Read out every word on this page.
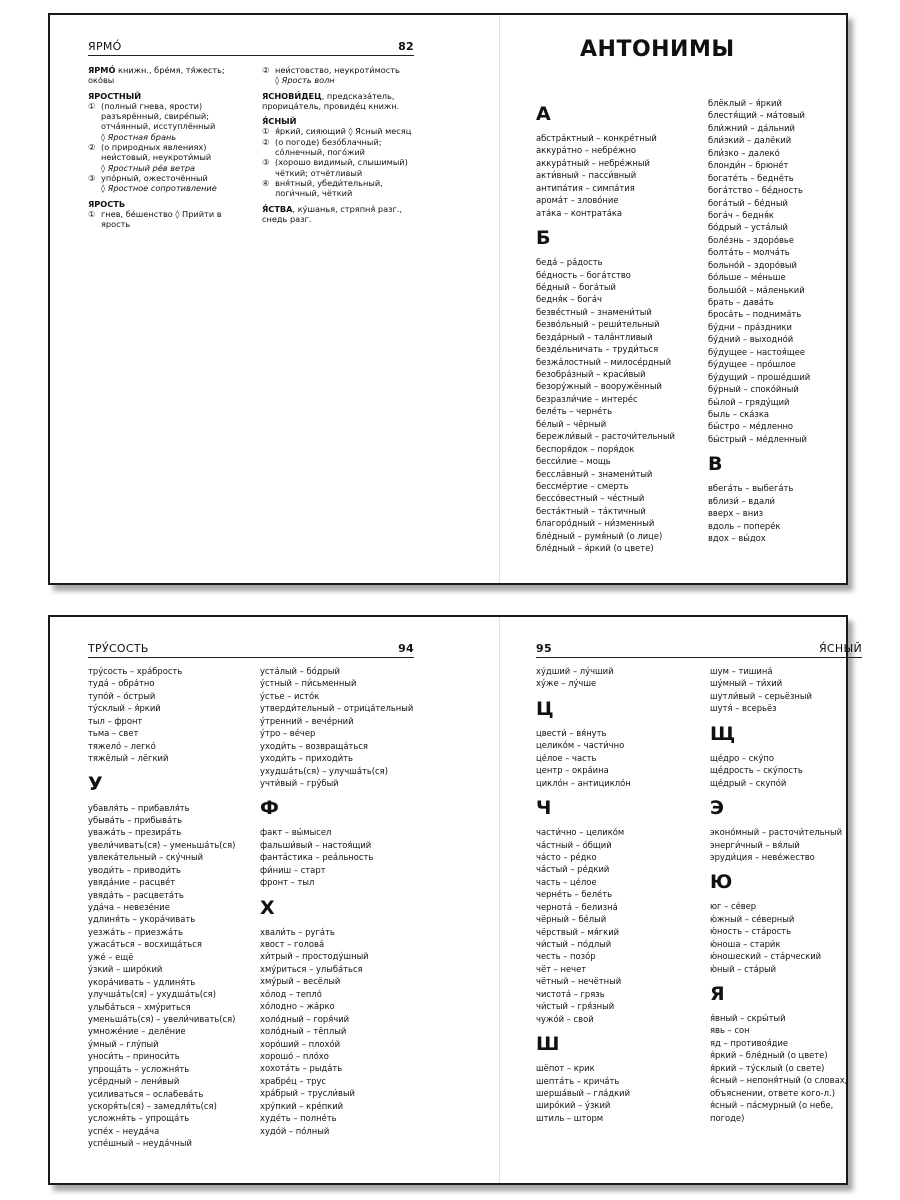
ЯРМО́	82
ЯРМО́ книжн., бре́мя, тя́жесть; око́вы
ЯРОСТНЫЙ
① (полный гнева, ярости) разъярённый, свире́пый; отча́янный, исступлённый
◊ Яростная брань
② (о природных явлениях) неи́стовый, неукроти́мый
◊ Яростный рёв ветра
③ упо́рный, ожесточённый
◊ Яростное сопротивление
ЯРОСТЬ
① гнев, бе́шенство ◊ Прийти в ярость
② неи́стовство, неукроти́мость
◊ Ярость волн
ЯСНОВИ́ДЕЦ, предсказа́тель, прорица́тель, провиде́ц книжн.
Я́СНЫЙ
① я́ркий, сияющий ◊ Ясный месяц
② (о погоде) безо́блачный; со́лнечный, пого́жий
③ (хорошо видимый, слышимый) чёткий; отчётливый
④ вня́тный, убеди́тельный, логи́чный, чёткий
Я́СТВА, ку́шанья, стряпня́ разг., снедь разг.
АНТОНИМЫ
А
абстра́ктный – конкре́тный
аккура́тно – небре́жно
аккура́тный – небре́жный
акти́вный – пасси́вный
антипа́тия – симпа́тия
арома́т – злово́ние
ата́ка – контрата́ка
Б
беда́ – ра́дость
бе́дность – бога́тство
бе́дный – бога́тый
бедня́к – бога́ч
безве́стный – знамени́тый
безво́льный – реши́тельный
безда́рный – тала́нтливый
безде́льничать – труди́ться
безжа́лостный – милосе́рдный
безобра́зный – краси́вый
безору́жный – вооружённый
безразли́чие – интере́с
беле́ть – черне́ть
бе́лый – чёрный
бережли́вый – расточи́тельный
беспоря́док – поря́док
бесси́лие – мощь
бессла́вный – знамени́тый
бессме́ртие – смерть
бессо́вестный – че́стный
беста́ктный – та́ктичный
благоро́дный – ни́зменный
бле́дный – румя́ный (о лице)
бле́дный – я́ркий (о цвете)
блёклый – я́ркий
блестя́щий – ма́товый
бли́жний – да́льний
бли́зкий – далёкий
бли́зко – далеко́
блонди́н – брюне́т
богате́ть – бедне́ть
бога́тство – бе́дность
бога́тый – бе́дный
бога́ч – бедня́к
бо́дрый – уста́лый
боле́знь – здоро́вье
болта́ть – молча́ть
больно́й – здоро́вый
бо́льше – ме́ньше
большо́й – ма́ленький
брать – дава́ть
броса́ть – поднима́ть
бу́дни – пра́здники
бу́дний – выходно́й
бу́дущее – настоя́щее
бу́дущее – про́шлое
бу́дущий – проше́дший
бу́рный – споко́йный
бы́лой – гряду́щий
быль – ска́зка
бы́стро – ме́дленно
бы́стрый – ме́дленный
В
вбега́ть – выбега́ть
вблизи́ – вдали́
вверх – вниз
вдоль – попере́к
вдох – вы́дох
ТРУ́СОСТЬ	94
тру́сость – хра́брость
туда́ – обра́тно
тупо́й – о́стрый
ту́склый – я́ркий
тыл – фронт
тьма – свет
тяжело́ – легко́
тяжёлый – лёгкий
У
убавля́ть – прибавля́ть
убыва́ть – прибыва́ть
уважа́ть – презира́ть
увели́чивать(ся) – уменьша́ть(ся)
увлека́тельный – ску́чный
уводи́ть – приводи́ть
увяда́ние – расцве́т
увяда́ть – расцвета́ть
уда́ча – невезе́ние
удлиня́ть – укора́чивать
уезжа́ть – приезжа́ть
ужаса́ться – восхища́ться
уже́ – ещё
у́зкий – широ́кий
укора́чивать – удлиня́ть
улучша́ть(ся) – ухудша́ть(ся)
улыба́ться – хму́риться
уменьша́ть(ся) – увели́чивать(ся)
умноже́ние – деле́ние
у́мный – глу́пый
уноси́ть – приноси́ть
упроща́ть – усложня́ть
усе́рдный – лени́вый
усиливаться – ослабева́ть
ускоря́ть(ся) – замедля́ть(ся)
усложня́ть – упроща́ть
успе́х – неуда́ча
успе́шный – неуда́чный
уста́лый – бо́дрый
у́стный – пи́сьменный
у́стье – исто́к
утверди́тельный – отрица́тельный
у́тренний – вече́рний
у́тро – ве́чер
уходи́ть – возвраща́ться
уходи́ть – приходи́ть
ухудша́ть(ся) – улучша́ть(ся)
учти́вый – гру́бый
Ф
факт – вы́мысел
фальши́вый – настоя́щий
фанта́стика – реа́льность
фи́ниш – старт
фронт – тыл
Х
хвали́ть – руга́ть
хвост – голова́
хи́трый – простоду́шный
хму́риться – улыба́ться
хму́рый – весёлый
хо́лод – тепло́
хо́лодно – жа́рко
холо́дный – горя́чий
холо́дный – тёплый
хоро́ший – плохо́й
хорошо́ – пло́хо
хохота́ть – рыда́ть
храбре́ц – трус
хра́брый – трусли́вый
хру́пкий – кре́пкий
худе́ть – полне́ть
худо́й – по́лный
95	Я́СНЫЙ
ху́дший – лу́чший
ху́же – лу́чше
Ц
цвести́ – вя́нуть
целико́м – части́чно
це́лое – часть
центр – окра́ина
цикло́н – антицикло́н
Ч
части́чно – целико́м
ча́стный – о́бщий
ча́сто – ре́дко
ча́стый – ре́дкий
часть – це́лое
черне́ть – беле́ть
чернота́ – белизна́
чёрный – бе́лый
чёрствый – мя́гкий
чи́стый – по́длый
честь – позо́р
чёт – нечет
чётный – нечётный
чистота́ – грязь
чи́стый – гря́зный
чужо́й – свой
Ш
шёпот – крик
шепта́ть – крича́ть
шерша́вый – гла́дкий
широ́кий – у́зкий
штиль – шторм
шум – тишина́
шу́мный – ти́хий
шутли́вый – серьёзный
шутя́ – всерьёз
Щ
ще́дро – ску́по
ще́дрость – ску́пость
ще́дрый – скупо́й
Э
эконо́мный – расточи́тельный
энерги́чный – вя́лый
эруди́ция – неве́жество
Ю
юг – се́вер
ю́жный – се́верный
ю́ность – ста́рость
ю́ноша – стари́к
ю́ношеский – ста́рческий
ю́ный – ста́рый
Я
я́вный – скры́тый
явь – сон
яд – противоя́дие
я́ркий – бле́дный (о цвете)
я́ркий – ту́склый (о свете)
я́сный – непоня́тный (о словах,
объяснении, ответе кого-л.)
я́сный – па́смурный (о небе,
погоде)
